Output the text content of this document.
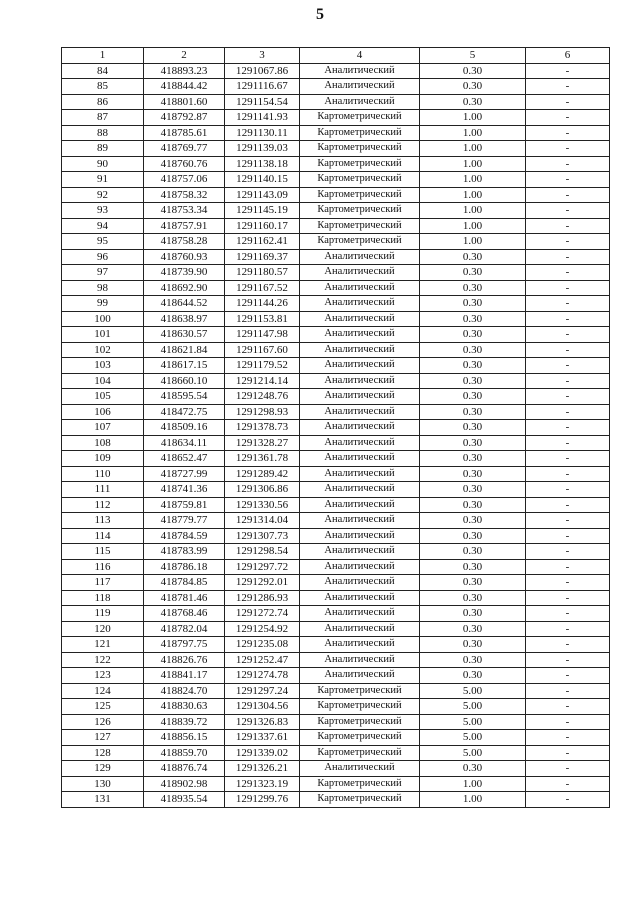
5
1	2	3	4	5	6
84	418893.23	1291067.86	Аналитический	0.30	-
85	418844.42	1291116.67	Аналитический	0.30	-
86	418801.60	1291154.54	Аналитический	0.30	-
87	418792.87	1291141.93	Картометрический	1.00	-
88	418785.61	1291130.11	Картометрический	1.00	-
89	418769.77	1291139.03	Картометрический	1.00	-
90	418760.76	1291138.18	Картометрический	1.00	-
91	418757.06	1291140.15	Картометрический	1.00	-
92	418758.32	1291143.09	Картометрический	1.00	-
93	418753.34	1291145.19	Картометрический	1.00	-
94	418757.91	1291160.17	Картометрический	1.00	-
95	418758.28	1291162.41	Картометрический	1.00	-
96	418760.93	1291169.37	Аналитический	0.30	-
97	418739.90	1291180.57	Аналитический	0.30	-
98	418692.90	1291167.52	Аналитический	0.30	-
99	418644.52	1291144.26	Аналитический	0.30	-
100	418638.97	1291153.81	Аналитический	0.30	-
101	418630.57	1291147.98	Аналитический	0.30	-
102	418621.84	1291167.60	Аналитический	0.30	-
103	418617.15	1291179.52	Аналитический	0.30	-
104	418660.10	1291214.14	Аналитический	0.30	-
105	418595.54	1291248.76	Аналитический	0.30	-
106	418472.75	1291298.93	Аналитический	0.30	-
107	418509.16	1291378.73	Аналитический	0.30	-
108	418634.11	1291328.27	Аналитический	0.30	-
109	418652.47	1291361.78	Аналитический	0.30	-
110	418727.99	1291289.42	Аналитический	0.30	-
111	418741.36	1291306.86	Аналитический	0.30	-
112	418759.81	1291330.56	Аналитический	0.30	-
113	418779.77	1291314.04	Аналитический	0.30	-
114	418784.59	1291307.73	Аналитический	0.30	-
115	418783.99	1291298.54	Аналитический	0.30	-
116	418786.18	1291297.72	Аналитический	0.30	-
117	418784.85	1291292.01	Аналитический	0.30	-
118	418781.46	1291286.93	Аналитический	0.30	-
119	418768.46	1291272.74	Аналитический	0.30	-
120	418782.04	1291254.92	Аналитический	0.30	-
121	418797.75	1291235.08	Аналитический	0.30	-
122	418826.76	1291252.47	Аналитический	0.30	-
123	418841.17	1291274.78	Аналитический	0.30	-
124	418824.70	1291297.24	Картометрический	5.00	-
125	418830.63	1291304.56	Картометрический	5.00	-
126	418839.72	1291326.83	Картометрический	5.00	-
127	418856.15	1291337.61	Картометрический	5.00	-
128	418859.70	1291339.02	Картометрический	5.00	-
129	418876.74	1291326.21	Аналитический	0.30	-
130	418902.98	1291323.19	Картометрический	1.00	-
131	418935.54	1291299.76	Картометрический	1.00	-
